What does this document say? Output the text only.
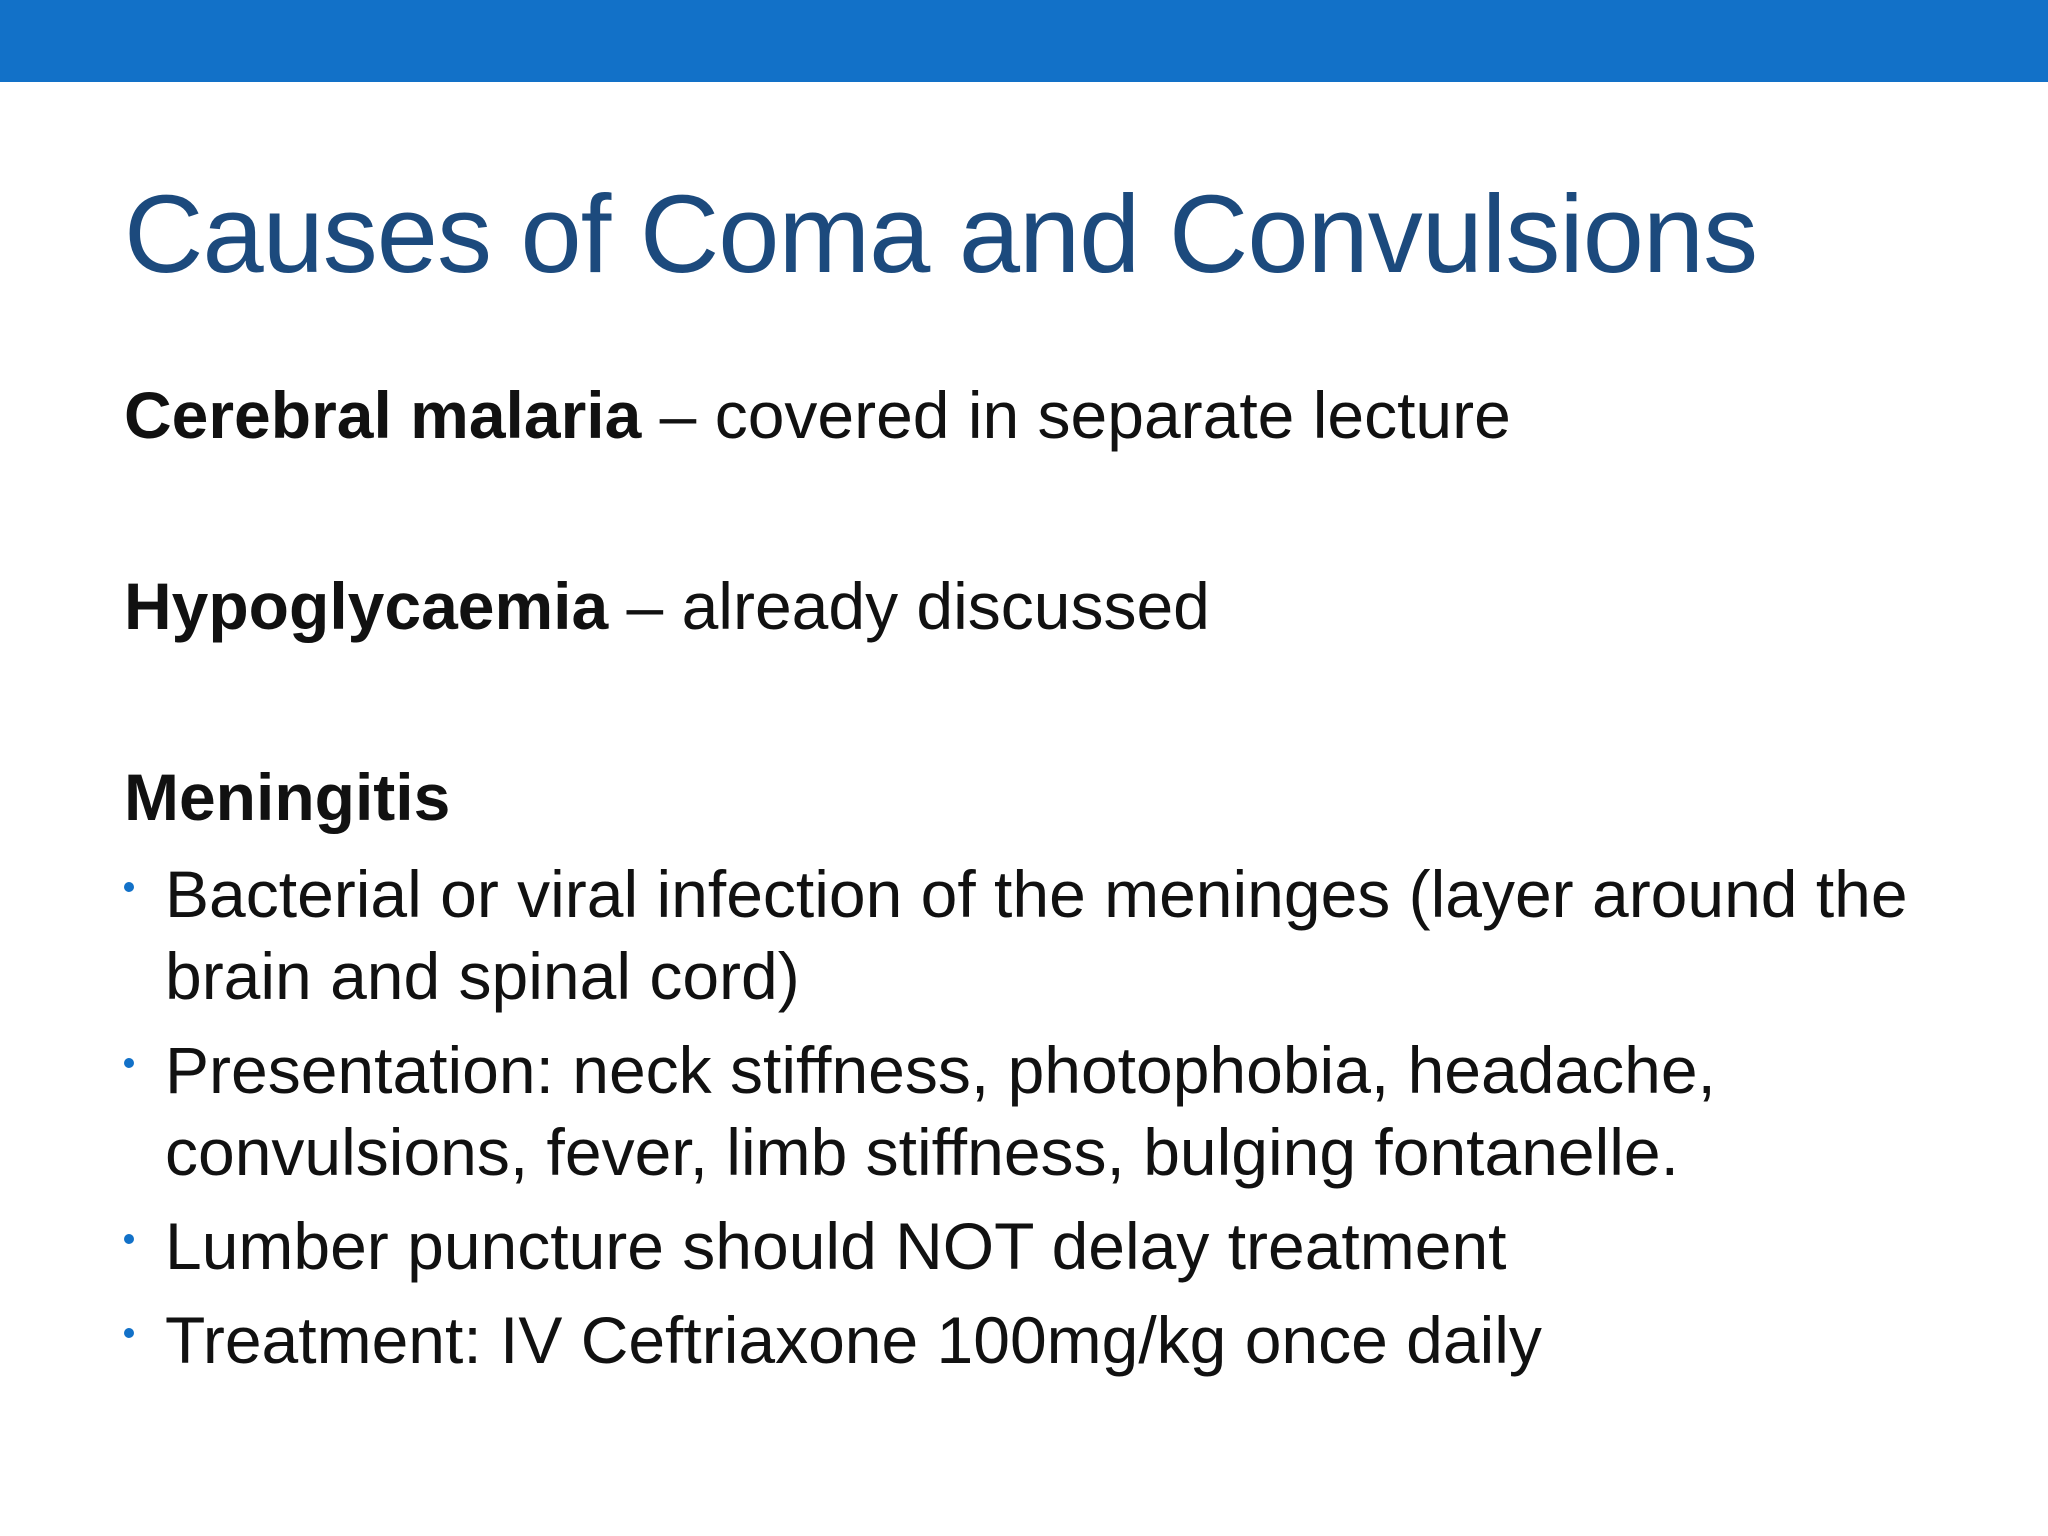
Causes of Coma and Convulsions
Cerebral malaria – covered in separate lecture
Hypoglycaemia – already discussed
Meningitis
Bacterial or viral infection of the meninges (layer around the brain and spinal cord)
Presentation: neck stiffness, photophobia, headache, convulsions, fever, limb stiffness, bulging fontanelle.
Lumber puncture should NOT delay treatment
Treatment: IV Ceftriaxone 100mg/kg once daily
